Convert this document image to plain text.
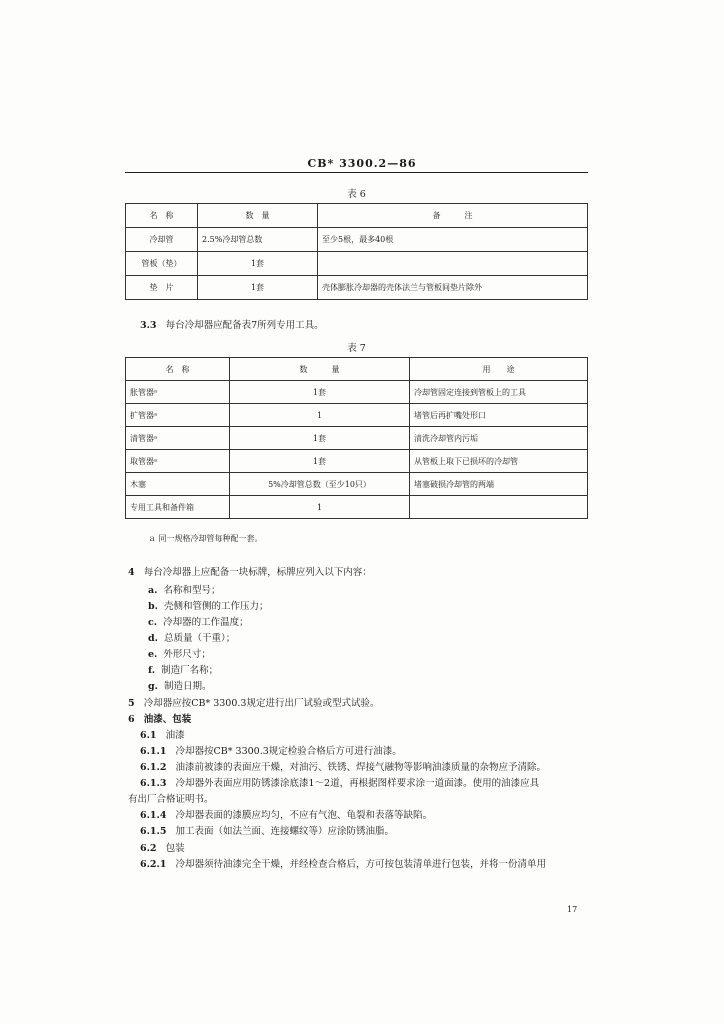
CB* 3300.2—86
表 6
名　称	数　量	备　　　注
冷却管	2.5%冷却管总数	至少5根，最多40根
管板（垫）	1套	
垫　片	1套	壳体膨胀冷却器的壳体法兰与管板间垫片除外
3.3 每台冷却器应配备表7所列专用工具。
表 7
名　称	数　　　量	用　　途
胀管器ᵃ	1套	冷却管固定连接到管板上的工具
扩管器ᵃ	1	堵管后再扩嘴处形口
清管器ᵃ	1套	清洗冷却管内污垢
取管器ᵃ	1套	从管板上取下已损坏的冷却管
木塞	5%冷却管总数（至少10只）	堵塞破损冷却管的两端
专用工具和备件箱	1	
ａ 同一规格冷却管每种配一套。
4 每台冷却器上应配备一块标牌，标牌应列入以下内容：
a. 名称和型号；
b. 壳侧和管侧的工作压力；
c. 冷却器的工作温度；
d. 总质量（干重）；
e. 外形尺寸；
f. 制造厂名称；
g. 制造日期。
5 冷却器应按CB* 3300.3规定进行出厂试验或型式试验。
6 油漆、包装
6.1 油漆
6.1.1 冷却器按CB* 3300.3规定检验合格后方可进行油漆。
6.1.2 油漆前被漆的表面应干燥，对油污、铁锈、焊接气融物等影响油漆质量的杂物应予清除。
6.1.3 冷却器外表面应用防锈漆涂底漆1～2道，再根据图样要求涂一道面漆。使用的油漆应具
有出厂合格证明书。
6.1.4 冷却器表面的漆膜应均匀，不应有气泡、龟裂和表落等缺陷。
6.1.5 加工表面（如法兰面、连接螺纹等）应涂防锈油脂。
6.2 包装
6.2.1 冷却器须待油漆完全干燥，并经检查合格后，方可按包装清单进行包装，并将一份清单用
17
